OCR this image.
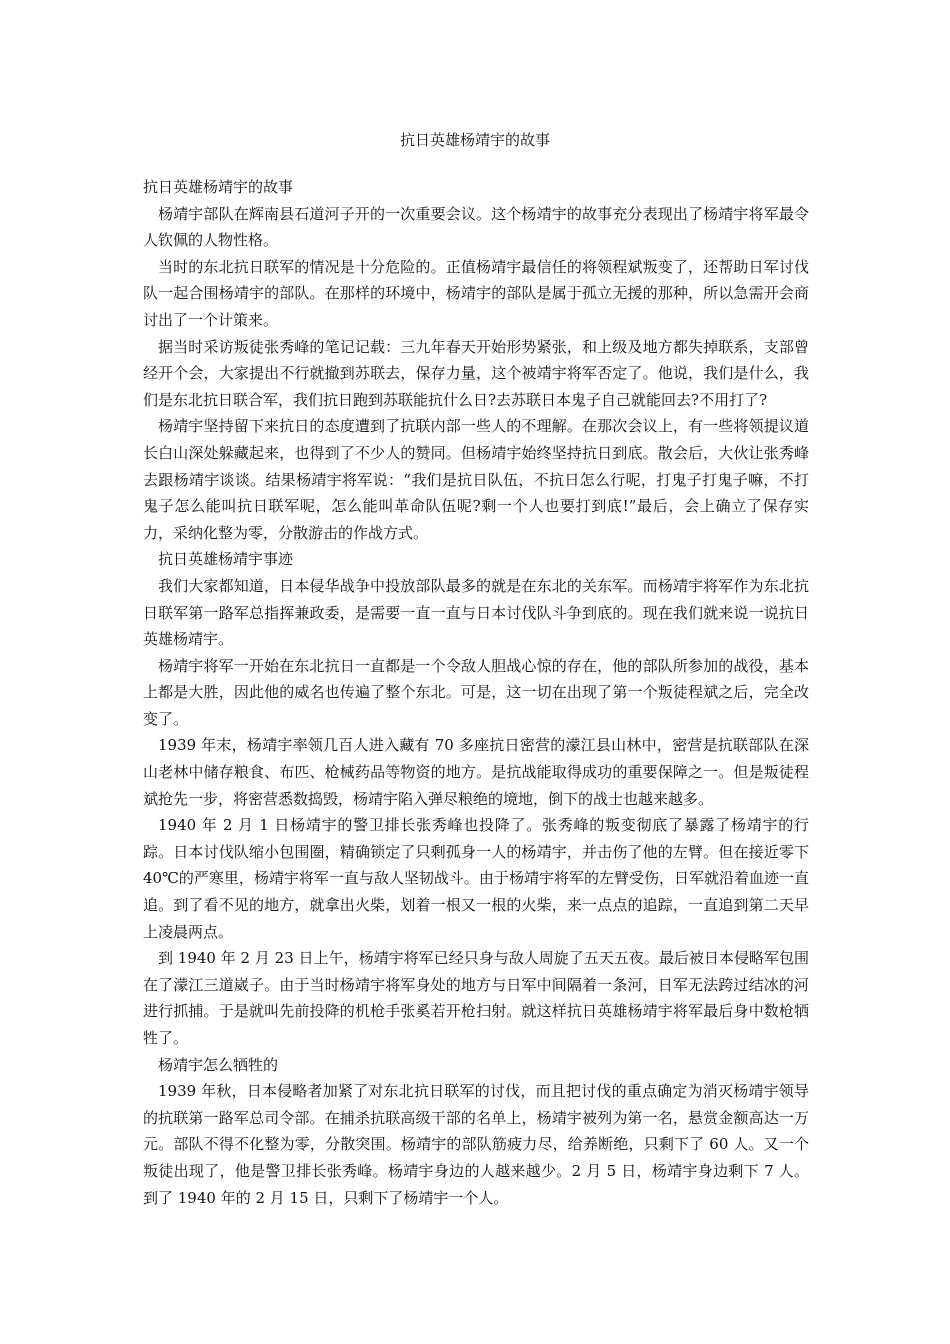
抗日英雄杨靖宇的故事

抗日英雄杨靖宇的故事

杨靖宇部队在辉南县石道河子开的一次重要会议。这个杨靖宇的故事充分表现出了杨靖宇将军最令人钦佩的人物性格。

当时的东北抗日联军的情况是十分危险的。正值杨靖宇最信任的将领程斌叛变了，还帮助日军讨伐队一起合围杨靖宇的部队。在那样的环境中，杨靖宇的部队是属于孤立无援的那种，所以急需开会商讨出了一个计策来。

据当时采访叛徒张秀峰的笔记记载：三九年春天开始形势紧张，和上级及地方都失掉联系，支部曾经开个会，大家提出不行就撤到苏联去，保存力量，这个被靖宇将军否定了。他说，我们是什么，我们是东北抗日联合军，我们抗日跑到苏联能抗什么日?去苏联日本鬼子自己就能回去?不用打了?

杨靖宇坚持留下来抗日的态度遭到了抗联内部一些人的不理解。在那次会议上，有一些将领提议道长白山深处躲藏起来，也得到了不少人的赞同。但杨靖宇始终坚持抗日到底。散会后，大伙让张秀峰去跟杨靖宇谈谈。结果杨靖宇将军说：“我们是抗日队伍，不抗日怎么行呢，打鬼子打鬼子嘛，不打鬼子怎么能叫抗日联军呢，怎么能叫革命队伍呢?剩一个人也要打到底!”最后，会上确立了保存实力，采纳化整为零，分散游击的作战方式。

抗日英雄杨靖宇事迹

我们大家都知道，日本侵华战争中投放部队最多的就是在东北的关东军。而杨靖宇将军作为东北抗日联军第一路军总指挥兼政委，是需要一直一直与日本讨伐队斗争到底的。现在我们就来说一说抗日英雄杨靖宇。

杨靖宇将军一开始在东北抗日一直都是一个令敌人胆战心惊的存在，他的部队所参加的战役，基本上都是大胜，因此他的威名也传遍了整个东北。可是，这一切在出现了第一个叛徒程斌之后，完全改变了。

1939 年末，杨靖宇率领几百人进入藏有 70 多座抗日密营的濛江县山林中，密营是抗联部队在深山老林中储存粮食、布匹、枪械药品等物资的地方。是抗战能取得成功的重要保障之一。但是叛徒程斌抢先一步，将密营悉数捣毁，杨靖宇陷入弹尽粮绝的境地，倒下的战士也越来越多。

1940 年 2 月 1 日杨靖宇的警卫排长张秀峰也投降了。张秀峰的叛变彻底了暴露了杨靖宇的行踪。日本讨伐队缩小包围圈，精确锁定了只剩孤身一人的杨靖宇，并击伤了他的左臂。但在接近零下 40℃的严寒里，杨靖宇将军一直与敌人坚韧战斗。由于杨靖宇将军的左臂受伤，日军就沿着血迹一直追。到了看不见的地方，就拿出火柴，划着一根又一根的火柴，来一点点的追踪，一直追到第二天早上凌晨两点。

到 1940 年 2 月 23 日上午，杨靖宇将军已经只身与敌人周旋了五天五夜。最后被日本侵略军包围在了濛江三道崴子。由于当时杨靖宇将军身处的地方与日军中间隔着一条河，日军无法跨过结冰的河进行抓捕。于是就叫先前投降的机枪手张奚若开枪扫射。就这样抗日英雄杨靖宇将军最后身中数枪牺牲了。

杨靖宇怎么牺牲的

1939 年秋，日本侵略者加紧了对东北抗日联军的讨伐，而且把讨伐的重点确定为消灭杨靖宇领导的抗联第一路军总司令部。在捕杀抗联高级干部的名单上，杨靖宇被列为第一名，悬赏金额高达一万元。部队不得不化整为零，分散突围。杨靖宇的部队筋疲力尽，给养断绝，只剩下了 60 人。又一个叛徒出现了，他是警卫排长张秀峰。杨靖宇身边的人越来越少。2 月 5 日，杨靖宇身边剩下 7 人。到了 1940 年的 2 月 15 日，只剩下了杨靖宇一个人。
